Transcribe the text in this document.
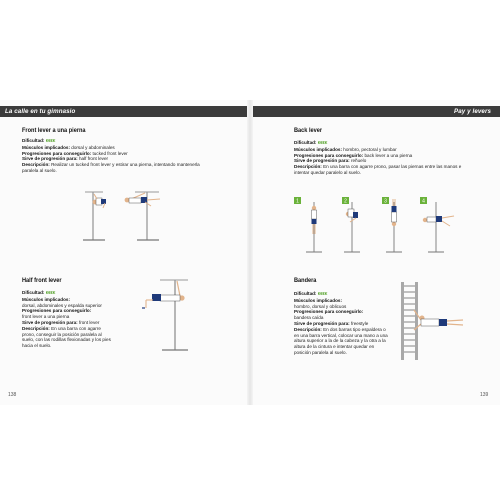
La calle en tu gimnasio	Pay y levers
Front lever a una pierna
Dificultad: ϵϵϵϵ
Músculos implicados: dorsal y abdominales
Progresiones para conseguirlo: tucked front lever
Sirve de progresión para: half front lever
Descripción: Realizar un tucked front lever y estirar una pierna, intentando mantenerla paralela al suelo.
Back lever
Dificultad: ϵϵϵϵ
Músculos implicados: hombro, pectoral y lumbar
Progresiones para conseguirlo: back lever a una pierna
Sirve de progresión para: reñuelo
Descripción: En una barra con agarre prono, pasar las piernas entre las manos e intentar quedar paralelo al suelo.
1	2	3	4
Half front lever
Dificultad: ϵϵϵϵ
Músculos implicados:
dorsal, abdominales y espalda superior
Progresiones para conseguirlo:
front lever a una pierna
Sirve de progresión para: front lever
Descripción: En una barra con agarre prono, conseguir la posición paralela al suelo, con las rodillas flexionadas y los pies hacia el suelo.
Bandera
Dificultad: ϵϵϵϵ
Músculos implicados:
hombro, dorsal y oblicuos
Progresiones para conseguirlo:
bandera caída
Sirve de progresión para: freestyle
Descripción: En dos barras tipo espaldera o en una barra vertical, colocar una mano a una altura superior a la de la cabeza y la otra a la altura de la cintura e intentar quedar en posición paralela al suelo.
138	139
